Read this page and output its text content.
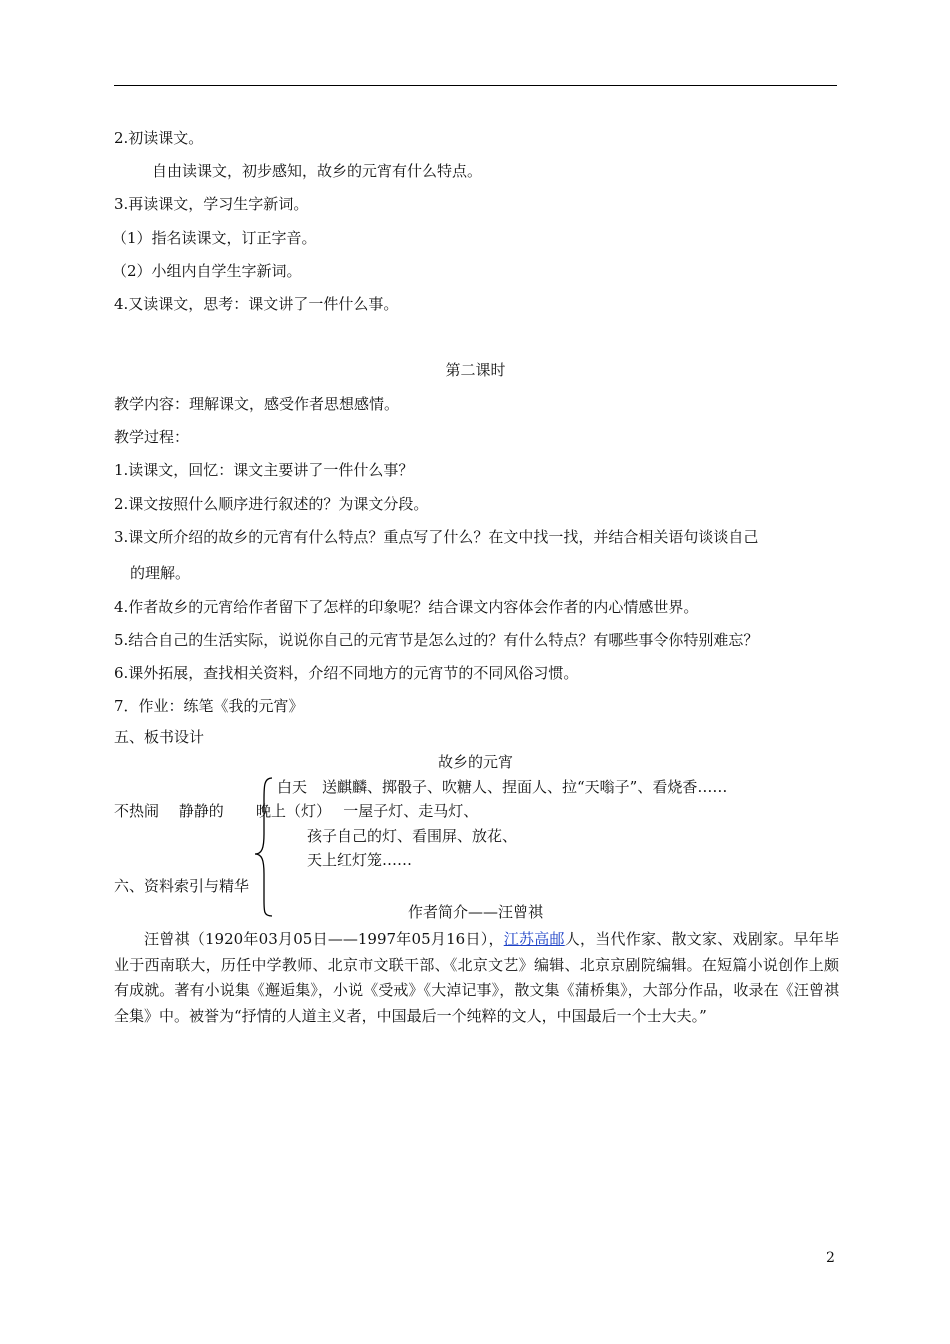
2.初读课文。
自由读课文，初步感知，故乡的元宵有什么特点。
3.再读课文，学习生字新词。
（1）指名读课文，订正字音。
（2）小组内自学生字新词。
4.又读课文，思考：课文讲了一件什么事。
第二课时
教学内容：理解课文，感受作者思想感情。
教学过程：
1.读课文，回忆：课文主要讲了一件什么事？
2.课文按照什么顺序进行叙述的？为课文分段。
3.课文所介绍的故乡的元宵有什么特点？重点写了什么？在文中找一找，并结合相关语句谈谈自己
的理解。
4.作者故乡的元宵给作者留下了怎样的印象呢？结合课文内容体会作者的内心情感世界。
5.结合自己的生活实际，说说你自己的元宵节是怎么过的？有什么特点？有哪些事令你特别难忘？
6.课外拓展，查找相关资料，介绍不同地方的元宵节的不同风俗习惯。
7．作业：练笔《我的元宵》
五、板书设计
故乡的元宵
白天　送麒麟、掷骰子、吹糖人、捏面人、拉“天嗡子”、看烧香……
不热闹　 静静的 晚上（灯）　 一屋子灯、走马灯、
孩子自己的灯、看围屏、放花、
天上红灯笼……
六、资料索引与精华
作者简介——汪曾祺
汪曾祺（1920年03月05日——1997年05月16日），江苏高邮人，当代作家、散文家、戏剧家。早年毕业于西南联大，历任中学教师、北京市文联干部、《北京文艺》编辑、北京京剧院编辑。在短篇小说创作上颇有成就。著有小说集《邂逅集》，小说《受戒》《大淖记事》，散文集《蒲桥集》，大部分作品，收录在《汪曾祺全集》中。被誉为“抒情的人道主义者，中国最后一个纯粹的文人，中国最后一个士大夫。”
2
